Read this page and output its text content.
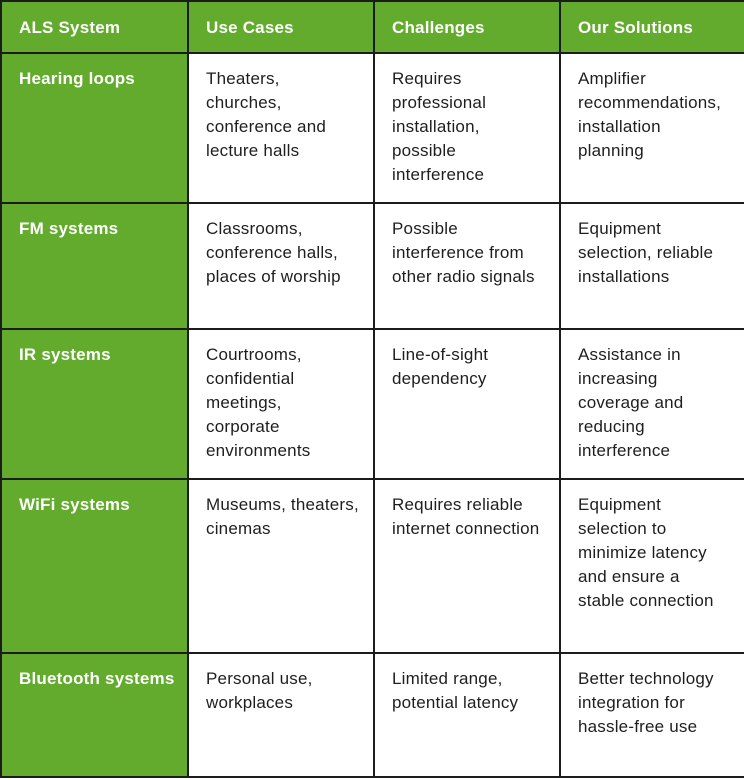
ALS System	Use Cases	Challenges	Our Solutions
Hearing loops	Theaters, churches, conference and lecture halls	Requires professional installation, possible interference	Amplifier recommendations, installation planning
FM systems	Classrooms, conference halls, places of worship	Possible interference from other radio signals	Equipment selection, reliable installations
IR systems	Courtrooms, confidential meetings, corporate environments	Line-of-sight dependency	Assistance in increasing coverage and reducing interference
WiFi systems	Museums, theaters, cinemas	Requires reliable internet connection	Equipment selection to minimize latency and ensure a stable connection
Bluetooth systems	Personal use, workplaces	Limited range, potential latency	Better technology integration for hassle-free use
